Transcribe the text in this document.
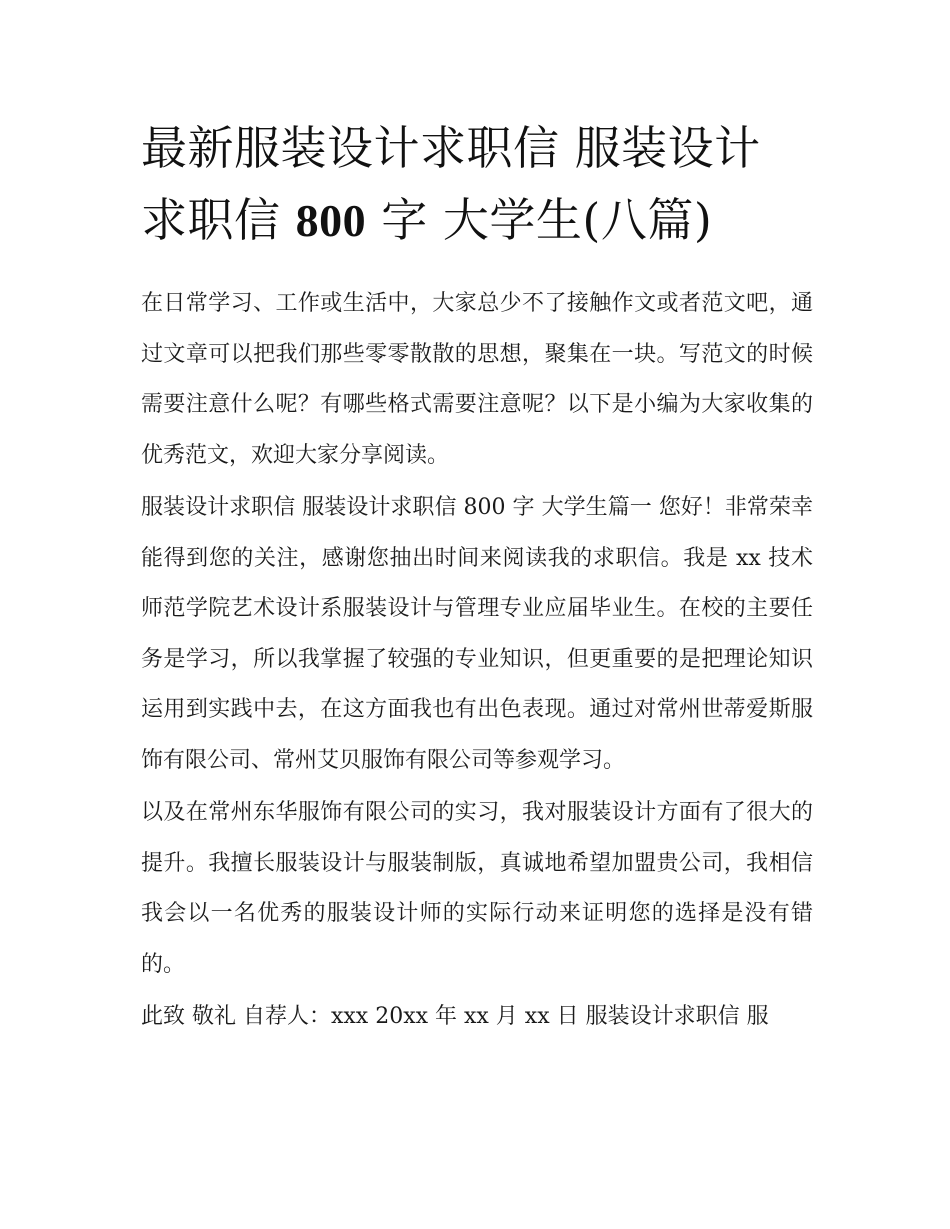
最新服装设计求职信 服装设计
求职信 800 字 大学生(八篇)

在日常学习、工作或生活中，大家总少不了接触作文或者范文吧，通过文章可以把我们那些零零散散的思想，聚集在一块。写范文的时候需要注意什么呢？有哪些格式需要注意呢？以下是小编为大家收集的优秀范文，欢迎大家分享阅读。

服装设计求职信 服装设计求职信 800 字 大学生篇一 您好！非常荣幸能得到您的关注，感谢您抽出时间来阅读我的求职信。我是 xx 技术师范学院艺术设计系服装设计与管理专业应届毕业生。在校的主要任务是学习，所以我掌握了较强的专业知识，但更重要的是把理论知识运用到实践中去，在这方面我也有出色表现。通过对常州世蒂爱斯服饰有限公司、常州艾贝服饰有限公司等参观学习。

以及在常州东华服饰有限公司的实习，我对服装设计方面有了很大的提升。我擅长服装设计与服装制版，真诚地希望加盟贵公司，我相信我会以一名优秀的服装设计师的实际行动来证明您的选择是没有错的。

此致 敬礼 自荐人：xxx 20xx 年 xx 月 xx 日 服装设计求职信 服
